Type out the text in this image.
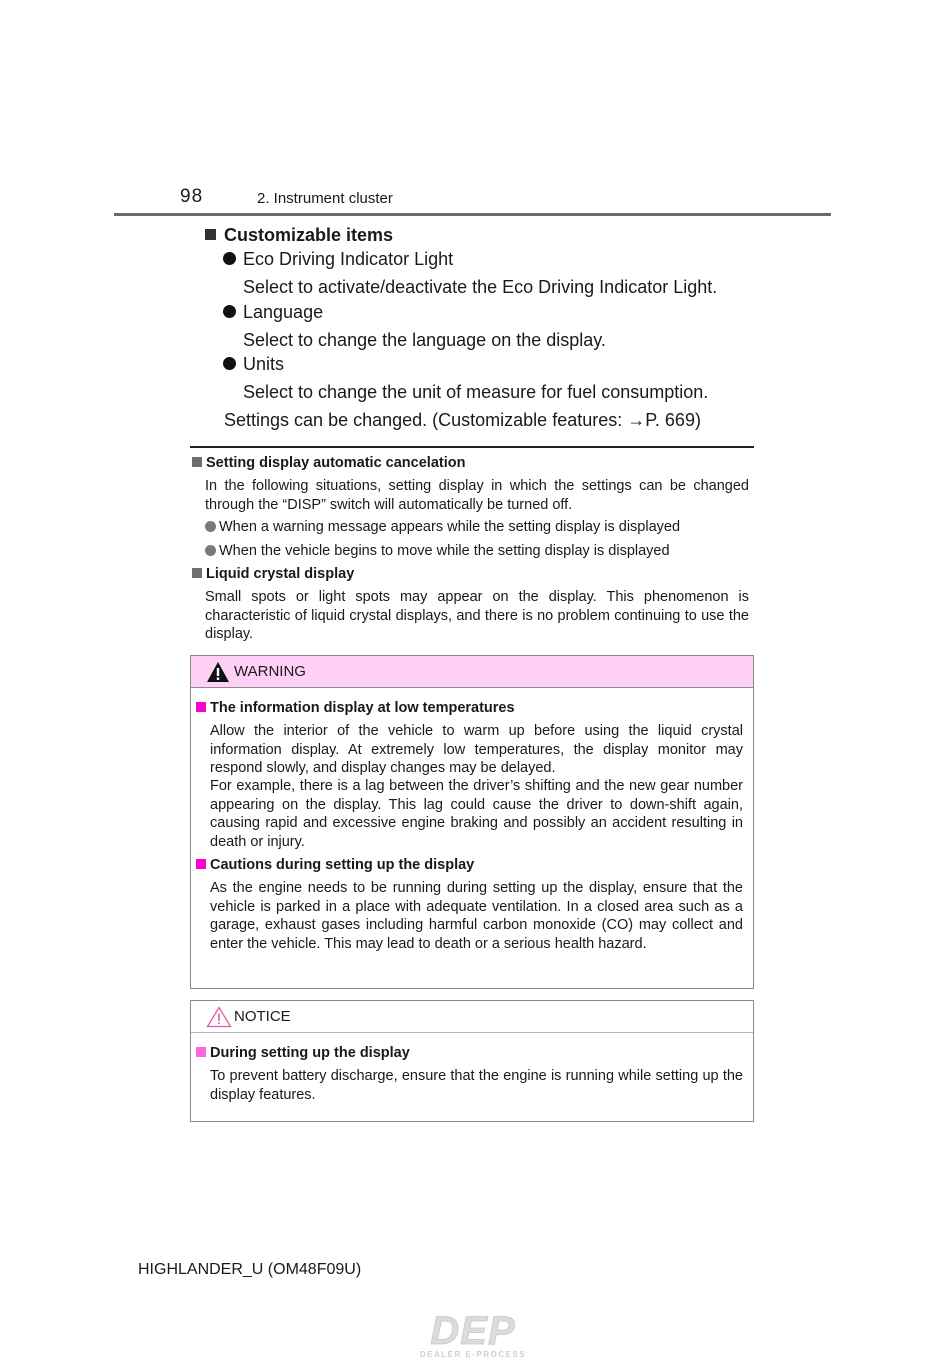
98	2. Instrument cluster
Customizable items
Eco Driving Indicator Light
Select to activate/deactivate the Eco Driving Indicator Light.
Language
Select to change the language on the display.
Units
Select to change the unit of measure for fuel consumption.
Settings can be changed. (Customizable features: →P. 669)
Setting display automatic cancelation
In the following situations, setting display in which the settings can be changed through the “DISP” switch will automatically be turned off.
When a warning message appears while the setting display is displayed
When the vehicle begins to move while the setting display is displayed
Liquid crystal display
Small spots or light spots may appear on the display. This phenomenon is characteristic of liquid crystal displays, and there is no problem continuing to use the display.
WARNING
The information display at low temperatures
Allow the interior of the vehicle to warm up before using the liquid crystal information display. At extremely low temperatures, the display monitor may respond slowly, and display changes may be delayed.
For example, there is a lag between the driver’s shifting and the new gear number appearing on the display. This lag could cause the driver to down-shift again, causing rapid and excessive engine braking and possibly an accident resulting in death or injury.
Cautions during setting up the display
As the engine needs to be running during setting up the display, ensure that the vehicle is parked in a place with adequate ventilation. In a closed area such as a garage, exhaust gases including harmful carbon monoxide (CO) may collect and enter the vehicle. This may lead to death or a serious health hazard.
NOTICE
During setting up the display
To prevent battery discharge, ensure that the engine is running while setting up the display features.
HIGHLANDER_U (OM48F09U)
DEP
DEALER E-PROCESS
